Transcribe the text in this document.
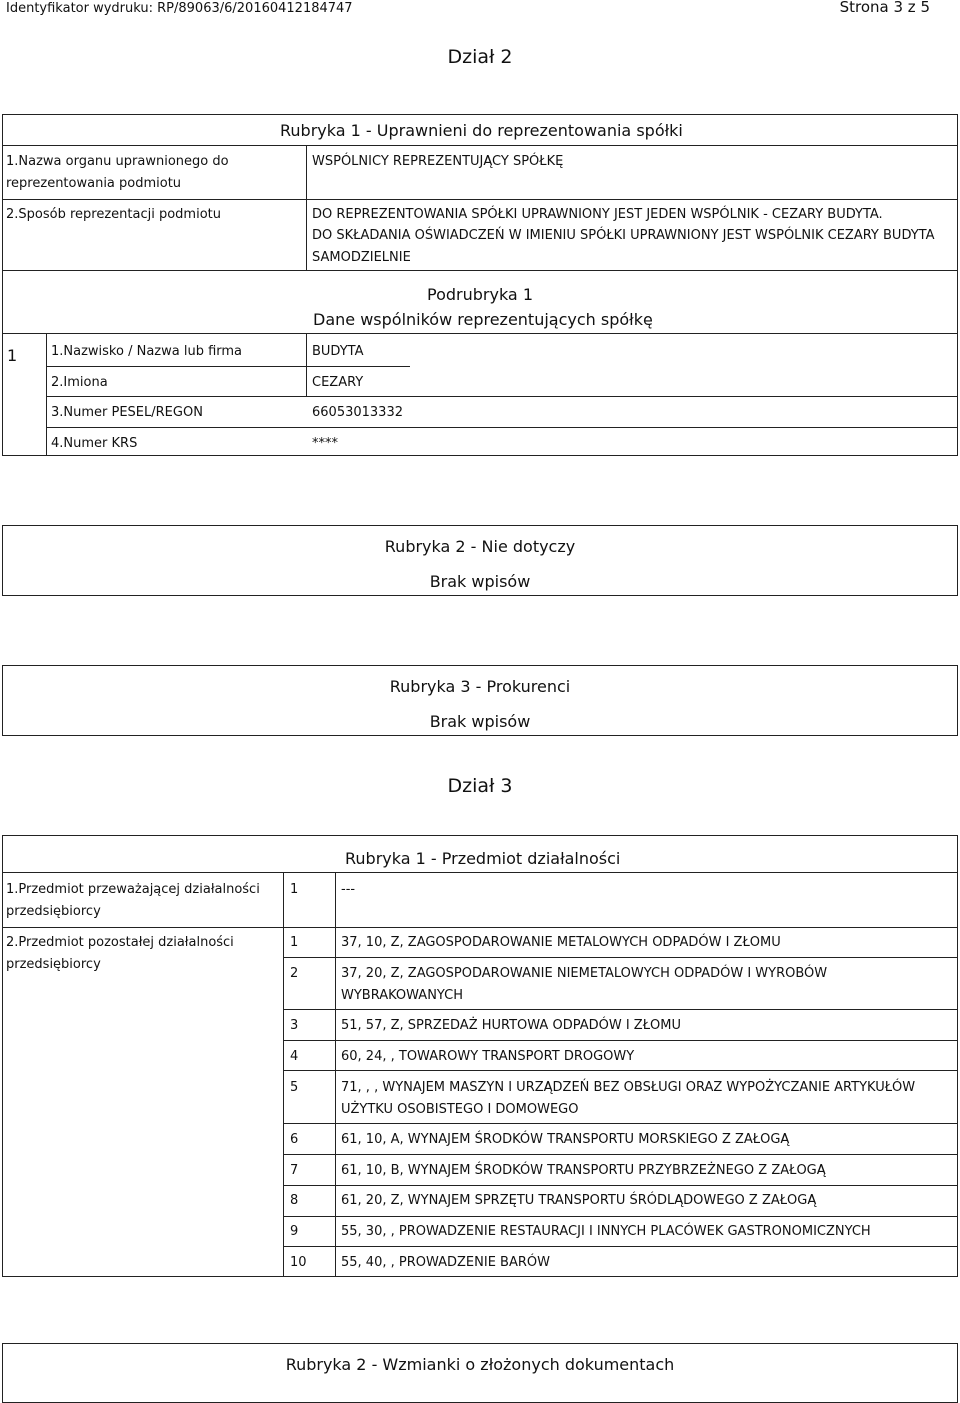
Identyfikator wydruku: RP/89063/6/20160412184747	Strona 3 z 5
Dział 2
Rubryka 1 - Uprawnieni do reprezentowania spółki
1.Nazwa organu uprawnionego do
reprezentowania podmiotu
WSPÓLNICY REPREZENTUJĄCY SPÓŁKĘ
2.Sposób reprezentacji podmiotu	DO REPREZENTOWANIA SPÓŁKI UPRAWNIONY JEST JEDEN WSPÓLNIK - CEZARY BUDYTA.
DO SKŁADANIA OŚWIADCZEŃ W IMIENIU SPÓŁKI UPRAWNIONY JEST WSPÓLNIK CEZARY BUDYTA
SAMODZIELNIE
Podrubryka 1
Dane wspólników reprezentujących spółkę
1	1.Nazwisko / Nazwa lub firma	BUDYTA
2.Imiona	CEZARY
3.Numer PESEL/REGON	66053013332
4.Numer KRS	****
Rubryka 2 - Nie dotyczy
Brak wpisów
Rubryka 3 - Prokurenci
Brak wpisów
Dział 3
Rubryka 1 - Przedmiot działalności
1.Przedmiot przeważającej działalności
przedsiębiorcy
1	---
2.Przedmiot pozostałej działalności
przedsiębiorcy
1	37, 10, Z, ZAGOSPODAROWANIE METALOWYCH ODPADÓW I ZŁOMU
2	37, 20, Z, ZAGOSPODAROWANIE NIEMETALOWYCH ODPADÓW I WYROBÓW
WYBRAKOWANYCH
3	51, 57, Z, SPRZEDAŻ HURTOWA ODPADÓW I ZŁOMU
4	60, 24, , TOWAROWY TRANSPORT DROGOWY
5	71, , , WYNAJEM MASZYN I URZĄDZEŃ BEZ OBSŁUGI ORAZ WYPOŻYCZANIE ARTYKUŁÓW
UŻYTKU OSOBISTEGO I DOMOWEGO
6	61, 10, A, WYNAJEM ŚRODKÓW TRANSPORTU MORSKIEGO Z ZAŁOGĄ
7	61, 10, B, WYNAJEM ŚRODKÓW TRANSPORTU PRZYBRZEŻNEGO Z ZAŁOGĄ
8	61, 20, Z, WYNAJEM SPRZĘTU TRANSPORTU ŚRÓDLĄDOWEGO Z ZAŁOGĄ
9	55, 30, , PROWADZENIE RESTAURACJI I INNYCH PLACÓWEK GASTRONOMICZNYCH
10	55, 40, , PROWADZENIE BARÓW
Rubryka 2 - Wzmianki o złożonych dokumentach
